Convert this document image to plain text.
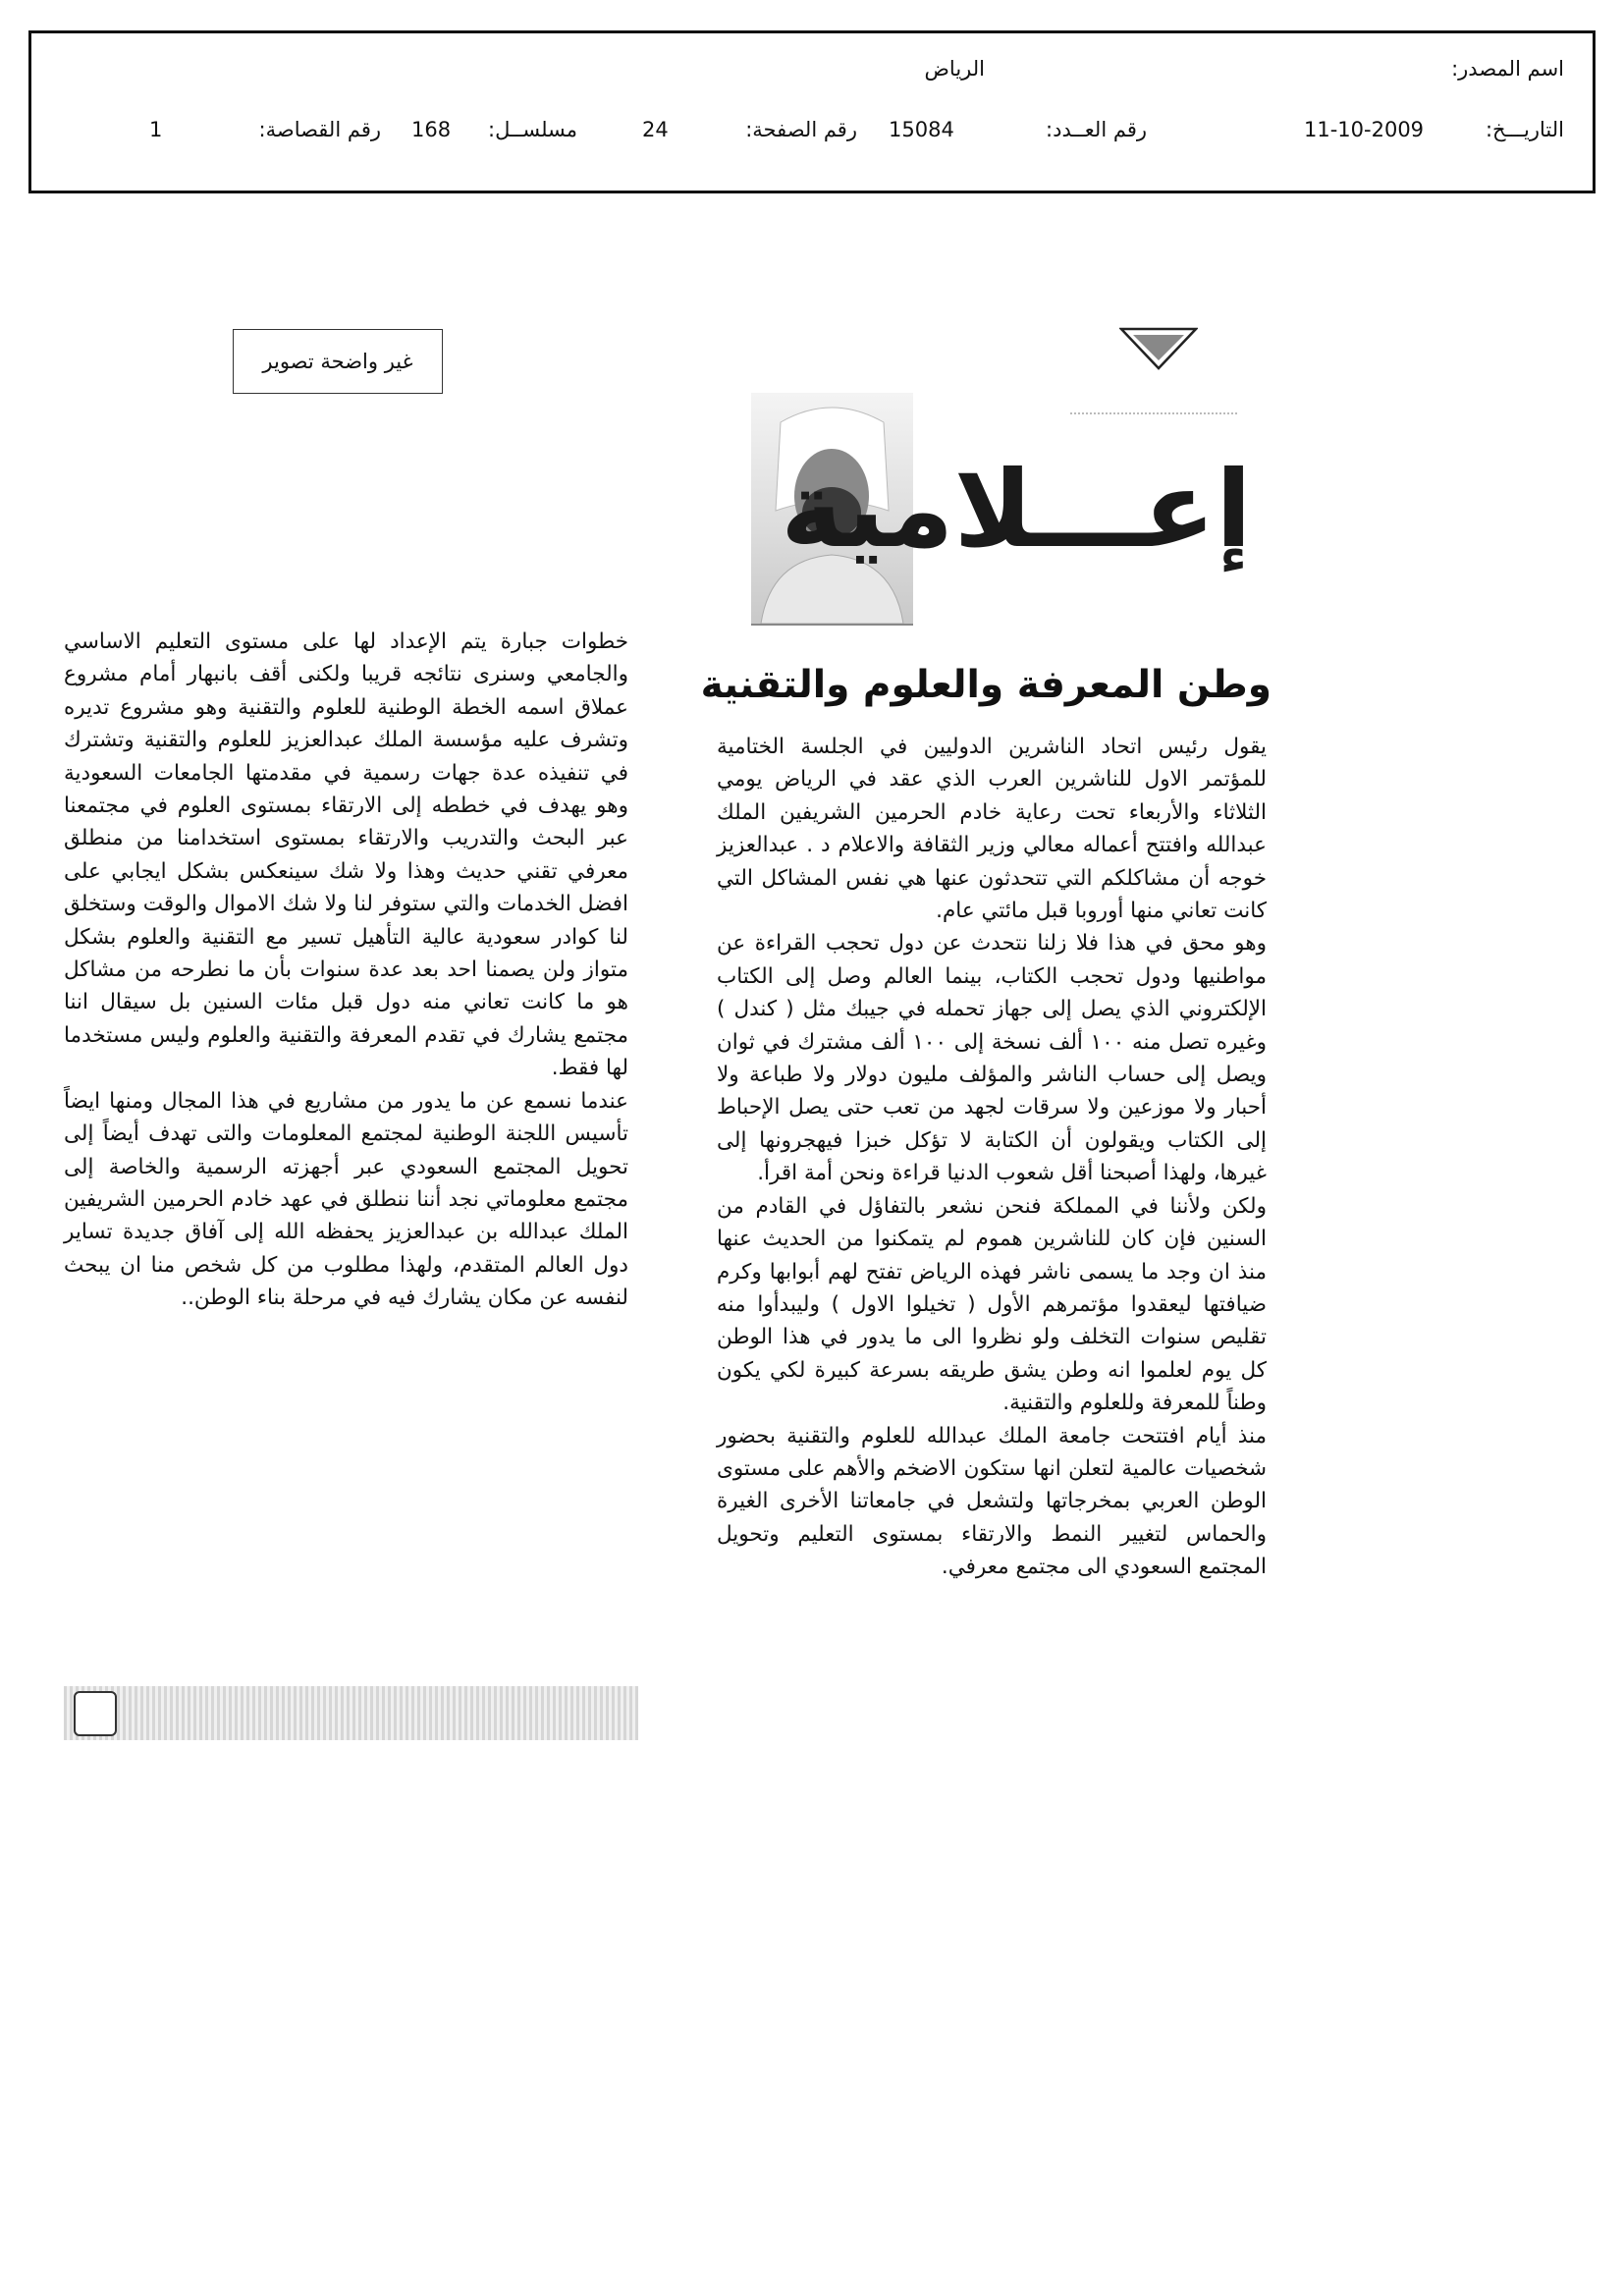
اسم المصدر:
الرياض
التاريـــخ:
11-10-2009
رقم العــدد:
15084
رقم الصفحة:
24
مسلســل:
168
رقم القصاصة:
1
غير واضحة تصوير
إعـــلامية
وطن المعرفة والعلوم والتقنية

يقول رئيس اتحاد الناشرين الدوليين في الجلسة الختامية للمؤتمر الاول للناشرين العرب الذي عقد في الرياض يومي الثلاثاء والأربعاء تحت رعاية خادم الحرمين الشريفين الملك عبدالله وافتتح أعماله معالي وزير الثقافة والاعلام د . عبدالعزيز خوجه أن مشاكلكم التي تتحدثون عنها هي نفس المشاكل التي كانت تعاني منها أوروبا قبل مائتي عام.

وهو محق في هذا فلا زلنا نتحدث عن دول تحجب القراءة عن مواطنيها ودول تحجب الكتاب، بينما العالم وصل إلى الكتاب الإلكتروني الذي يصل إلى جهاز تحمله في جيبك مثل ( كندل ) وغيره تصل منه ١٠٠ ألف نسخة إلى ١٠٠ ألف مشترك في ثوان ويصل إلى حساب الناشر والمؤلف مليون دولار ولا طباعة ولا أحبار ولا موزعين ولا سرقات لجهد من تعب حتى يصل الإحباط إلى الكتاب ويقولون أن الكتابة لا تؤكل خبزا فيهجرونها إلى غيرها، ولهذا أصبحنا أقل شعوب الدنيا قراءة ونحن أمة اقرأ.

ولكن ولأننا في المملكة فنحن نشعر بالتفاؤل في القادم من السنين فإن كان للناشرين هموم لم يتمكنوا من الحديث عنها منذ ان وجد ما يسمى ناشر فهذه الرياض تفتح لهم أبوابها وكرم ضيافتها ليعقدوا مؤتمرهم الأول ( تخيلوا الاول ) وليبدأوا منه تقليص سنوات التخلف ولو نظروا الى ما يدور في هذا الوطن كل يوم لعلموا انه وطن يشق طريقه بسرعة كبيرة لكي يكون وطناً للمعرفة وللعلوم والتقنية.

منذ أيام افتتحت جامعة الملك عبدالله للعلوم والتقنية بحضور شخصيات عالمية لتعلن انها ستكون الاضخم والأهم على مستوى الوطن العربي بمخرجاتها ولتشعل في جامعاتنا الأخرى الغيرة والحماس لتغيير النمط والارتقاء بمستوى التعليم وتحويل المجتمع السعودي الى مجتمع معرفي.

خطوات جبارة يتم الإعداد لها على مستوى التعليم الاساسي والجامعي وسنرى نتائجه قريبا ولكنى أقف بانبهار أمام مشروع عملاق اسمه الخطة الوطنية للعلوم والتقنية وهو مشروع تديره وتشرف عليه مؤسسة الملك عبدالعزيز للعلوم والتقنية وتشترك في تنفيذه عدة جهات رسمية في مقدمتها الجامعات السعودية وهو يهدف في خططه إلى الارتقاء بمستوى العلوم في مجتمعنا عبر البحث والتدريب والارتقاء بمستوى استخدامنا من منطلق معرفي تقني حديث وهذا ولا شك سينعكس بشكل ايجابي على افضل الخدمات والتي ستوفر لنا ولا شك الاموال والوقت وستخلق لنا كوادر سعودية عالية التأهيل تسير مع التقنية والعلوم بشكل متواز ولن يصمنا احد بعد عدة سنوات بأن ما نطرحه من مشاكل هو ما كانت تعاني منه دول قبل مئات السنين بل سيقال اننا مجتمع يشارك في تقدم المعرفة والتقنية والعلوم وليس مستخدما لها فقط.

عندما نسمع عن ما يدور من مشاريع في هذا المجال ومنها ايضاً تأسيس اللجنة الوطنية لمجتمع المعلومات والتى تهدف أيضاً إلى تحويل المجتمع السعودي عبر أجهزته الرسمية والخاصة إلى مجتمع معلوماتي نجد أننا ننطلق في عهد خادم الحرمين الشريفين الملك عبدالله بن عبدالعزيز يحفظه الله إلى آفاق جديدة تساير دول العالم المتقدم، ولهذا مطلوب من كل شخص منا ان يبحث لنفسه عن مكان يشارك فيه في مرحلة بناء الوطن..
